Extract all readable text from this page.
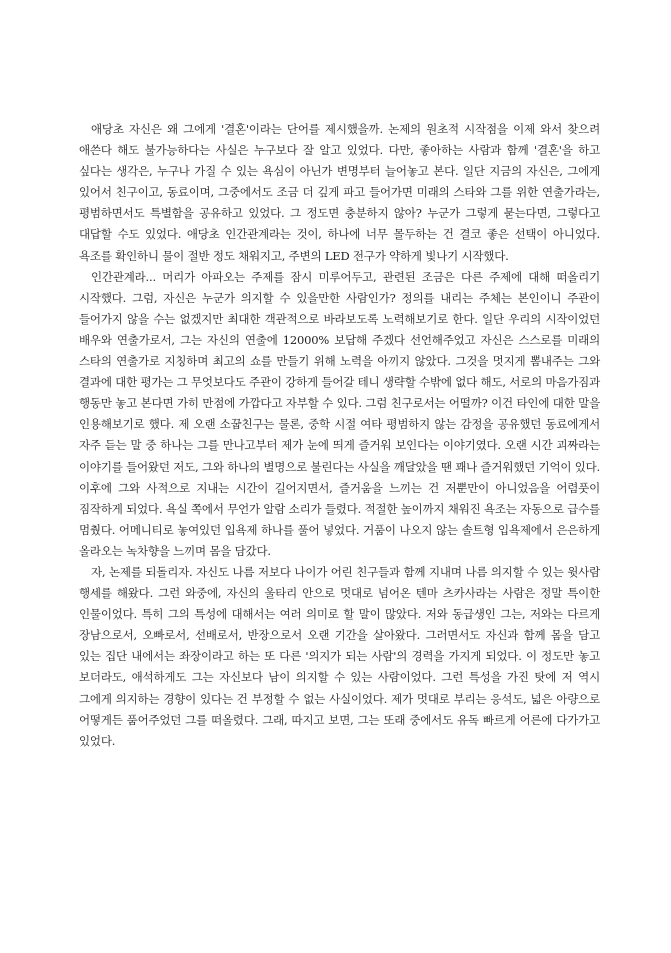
애당초 자신은 왜 그에게 '결혼'이라는 단어를 제시했을까. 논제의 원초적 시작점을 이제 와서 찾으려 애쓴다 해도 불가능하다는 사실은 누구보다 잘 알고 있었다. 다만, 좋아하는 사람과 함께 '결혼'을 하고 싶다는 생각은, 누구나 가질 수 있는 욕심이 아닌가 변명부터 늘어놓고 본다. 일단 지금의 자신은, 그에게 있어서 친구이고, 동료이며, 그중에서도 조금 더 깊게 파고 들어가면 미래의 스타와 그를 위한 연출가라는, 평범하면서도 특별함을 공유하고 있었다. 그 정도면 충분하지 않아? 누군가 그렇게 묻는다면, 그렇다고 대답할 수도 있었다. 애당초 인간관계라는 것이, 하나에 너무 몰두하는 건 결코 좋은 선택이 아니었다. 욕조를 확인하니 물이 절반 정도 채워지고, 주변의 LED 전구가 약하게 빛나기 시작했다.

인간관계라... 머리가 아파오는 주제를 잠시 미루어두고, 관련된 조금은 다른 주제에 대해 떠올리기 시작했다. 그럼, 자신은 누군가 의지할 수 있을만한 사람인가? 정의를 내리는 주체는 본인이니 주관이 들어가지 않을 수는 없겠지만 최대한 객관적으로 바라보도록 노력해보기로 한다. 일단 우리의 시작이었던 배우와 연출가로서, 그는 자신의 연출에 12000% 보답해 주겠다 선언해주었고 자신은 스스로를 미래의 스타의 연출가로 지칭하며 최고의 쇼를 만들기 위해 노력을 아끼지 않았다. 그것을 멋지게 뽐내주는 그와 결과에 대한 평가는 그 무엇보다도 주관이 강하게 들어갈 테니 생략할 수밖에 없다 해도, 서로의 마음가짐과 행동만 놓고 본다면 가히 만점에 가깝다고 자부할 수 있다. 그럼 친구로서는 어떨까? 이건 타인에 대한 말을 인용해보기로 했다. 제 오랜 소꿉친구는 물론, 중학 시절 여타 평범하지 않는 감정을 공유했던 동료에게서 자주 듣는 말 중 하나는 그를 만나고부터 제가 눈에 띄게 즐거워 보인다는 이야기였다. 오랜 시간 괴짜라는 이야기를 들어왔던 저도, 그와 하나의 별명으로 불린다는 사실을 깨달았을 땐 꽤나 즐거워했던 기억이 있다. 이후에 그와 사적으로 지내는 시간이 길어지면서, 즐거움을 느끼는 건 저뿐만이 아니었음을 어렴풋이 짐작하게 되었다. 욕실 쪽에서 무언가 알람 소리가 들렸다. 적절한 높이까지 채워진 욕조는 자동으로 급수를 멈췄다. 어메니티로 놓여있던 입욕제 하나를 풀어 넣었다. 거품이 나오지 않는 솔트형 입욕제에서 은은하게 올라오는 녹차향을 느끼며 몸을 담갔다.

자, 논제를 되돌리자. 자신도 나름 저보다 나이가 어린 친구들과 함께 지내며 나름 의지할 수 있는 윗사람 행세를 해왔다. 그런 와중에, 자신의 울타리 안으로 멋대로 넘어온 텐마 츠카사라는 사람은 정말 특이한 인물이었다. 특히 그의 특성에 대해서는 여러 의미로 할 말이 많았다. 저와 동급생인 그는, 저와는 다르게 장남으로서, 오빠로서, 선배로서, 반장으로서 오랜 기간을 살아왔다. 그러면서도 자신과 함께 몸을 담고 있는 집단 내에서는 좌장이라고 하는 또 다른 '의지가 되는 사람'의 경력을 가지게 되었다. 이 정도만 놓고 보더라도, 애석하게도 그는 자신보다 남이 의지할 수 있는 사람이었다. 그런 특성을 가진 탓에 저 역시 그에게 의지하는 경향이 있다는 건 부정할 수 없는 사실이었다. 제가 멋대로 부리는 응석도, 넓은 아량으로 어떻게든 품어주었던 그를 떠올렸다. 그래, 따지고 보면, 그는 또래 중에서도 유독 빠르게 어른에 다가가고 있었다.
